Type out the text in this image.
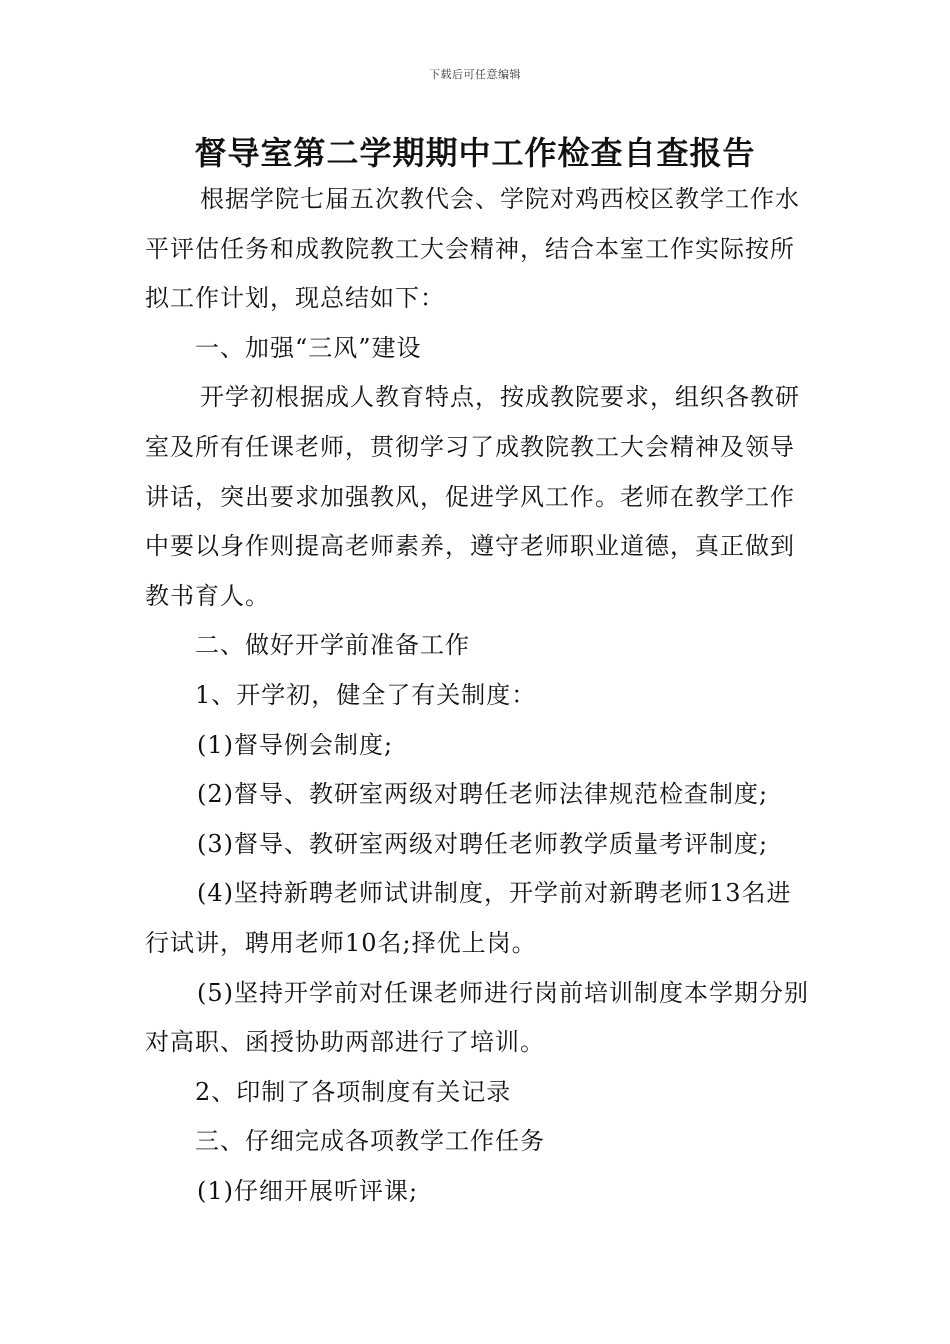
下载后可任意编辑
督导室第二学期期中工作检查自查报告

根据学院七届五次教代会、学院对鸡西校区教学工作水平评估任务和成教院教工大会精神，结合本室工作实际按所拟工作计划，现总结如下：

一、加强“三风”建设

开学初根据成人教育特点，按成教院要求，组织各教研室及所有任课老师，贯彻学习了成教院教工大会精神及领导讲话，突出要求加强教风，促进学风工作。老师在教学工作中要以身作则提高老师素养，遵守老师职业道德，真正做到教书育人。

二、做好开学前准备工作

1、开学初，健全了有关制度：

(1)督导例会制度;

(2)督导、教研室两级对聘任老师法律规范检查制度;

(3)督导、教研室两级对聘任老师教学质量考评制度;

(4)坚持新聘老师试讲制度，开学前对新聘老师13名进行试讲，聘用老师10名;择优上岗。

(5)坚持开学前对任课老师进行岗前培训制度本学期分别对高职、函授协助两部进行了培训。

2、印制了各项制度有关记录

三、仔细完成各项教学工作任务

(1)仔细开展听评课;
